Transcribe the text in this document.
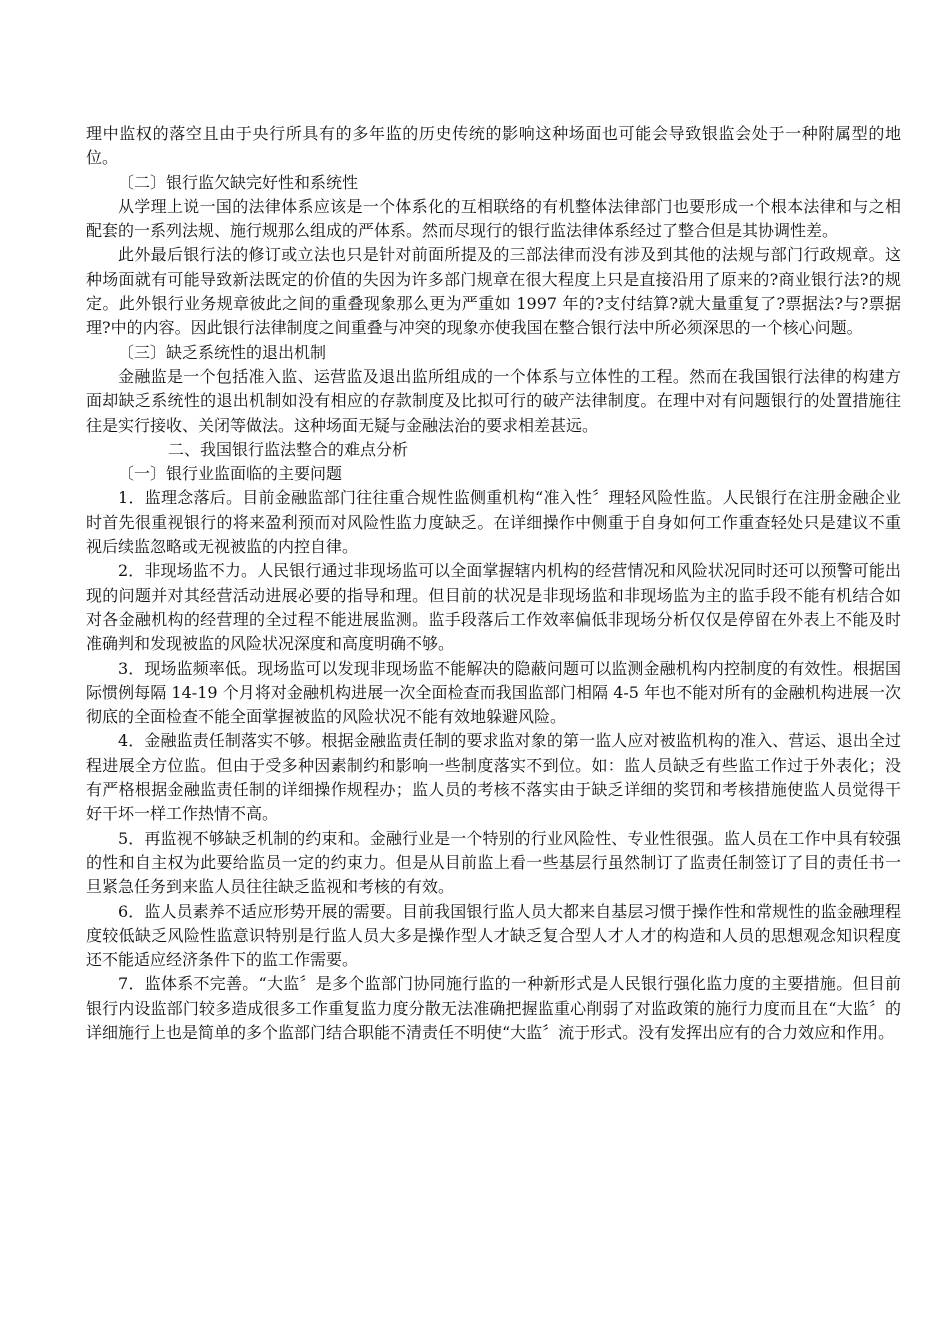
理中监权的落空且由于央行所具有的多年监的历史传统的影响这种场面也可能会导致银监会处于一种附属型的地位。

〔二〕银行监欠缺完好性和系统性

从学理上说一国的法律体系应该是一个体系化的互相联络的有机整体法律部门也要形成一个根本法律和与之相配套的一系列法规、施行规那么组成的严体系。然而尽现行的银行监法律体系经过了整合但是其协调性差。

此外最后银行法的修订或立法也只是针对前面所提及的三部法律而没有涉及到其他的法规与部门行政规章。这种场面就有可能导致新法既定的价值的失因为许多部门规章在很大程度上只是直接沿用了原来的?商业银行法?的规定。此外银行业务规章彼此之间的重叠现象那么更为严重如 1997 年的?支付结算?就大量重复了?票据法?与?票据理?中的内容。因此银行法律制度之间重叠与冲突的现象亦使我国在整合银行法中所必须深思的一个核心问题。

〔三〕缺乏系统性的退出机制

金融监是一个包括准入监、运营监及退出监所组成的一个体系与立体性的工程。然而在我国银行法律的构建方面却缺乏系统性的退出机制如没有相应的存款制度及比拟可行的破产法律制度。在理中对有问题银行的处置措施往往是实行接收、关闭等做法。这种场面无疑与金融法治的要求相差甚远。

二、我国银行监法整合的难点分析

〔一〕银行业监面临的主要问题

1．监理念落后。目前金融监部门往往重合规性监侧重机构“准入性〞理轻风险性监。人民银行在注册金融企业时首先很重视银行的将来盈利预而对风险性监力度缺乏。在详细操作中侧重于自身如何工作重查轻处只是建议不重视后续监忽略或无视被监的内控自律。

2．非现场监不力。人民银行通过非现场监可以全面掌握辖内机构的经营情况和风险状况同时还可以预警可能出现的问题并对其经营活动进展必要的指导和理。但目前的状况是非现场监和非现场监为主的监手段不能有机结合如对各金融机构的经营理的全过程不能进展监测。监手段落后工作效率偏低非现场分析仅仅是停留在外表上不能及时准确判和发现被监的风险状况深度和高度明确不够。

3．现场监频率低。现场监可以发现非现场监不能解决的隐蔽问题可以监测金融机构内控制度的有效性。根据国际惯例每隔 14-19 个月将对金融机构进展一次全面检查而我国监部门相隔 4-5 年也不能对所有的金融机构进展一次彻底的全面检查不能全面掌握被监的风险状况不能有效地躲避风险。

4．金融监责任制落实不够。根据金融监责任制的要求监对象的第一监人应对被监机构的准入、营运、退出全过程进展全方位监。但由于受多种因素制约和影响一些制度落实不到位。如：监人员缺乏有些监工作过于外表化；没有严格根据金融监责任制的详细操作规程办；监人员的考核不落实由于缺乏详细的奖罚和考核措施使监人员觉得干好干坏一样工作热情不高。

5．再监视不够缺乏机制的约束和。金融行业是一个特别的行业风险性、专业性很强。监人员在工作中具有较强的性和自主权为此要给监员一定的约束力。但是从目前监上看一些基层行虽然制订了监责任制签订了目的责任书一旦紧急任务到来监人员往往缺乏监视和考核的有效。

6．监人员素养不适应形势开展的需要。目前我国银行监人员大都来自基层习惯于操作性和常规性的监金融理程度较低缺乏风险性监意识特别是行监人员大多是操作型人才缺乏复合型人才人才的构造和人员的思想观念知识程度还不能适应经济条件下的监工作需要。

7．监体系不完善。“大监〞是多个监部门协同施行监的一种新形式是人民银行强化监力度的主要措施。但目前银行内设监部门较多造成很多工作重复监力度分散无法准确把握监重心削弱了对监政策的施行力度而且在“大监〞的详细施行上也是简单的多个监部门结合职能不清责任不明使“大监〞流于形式。没有发挥出应有的合力效应和作用。
